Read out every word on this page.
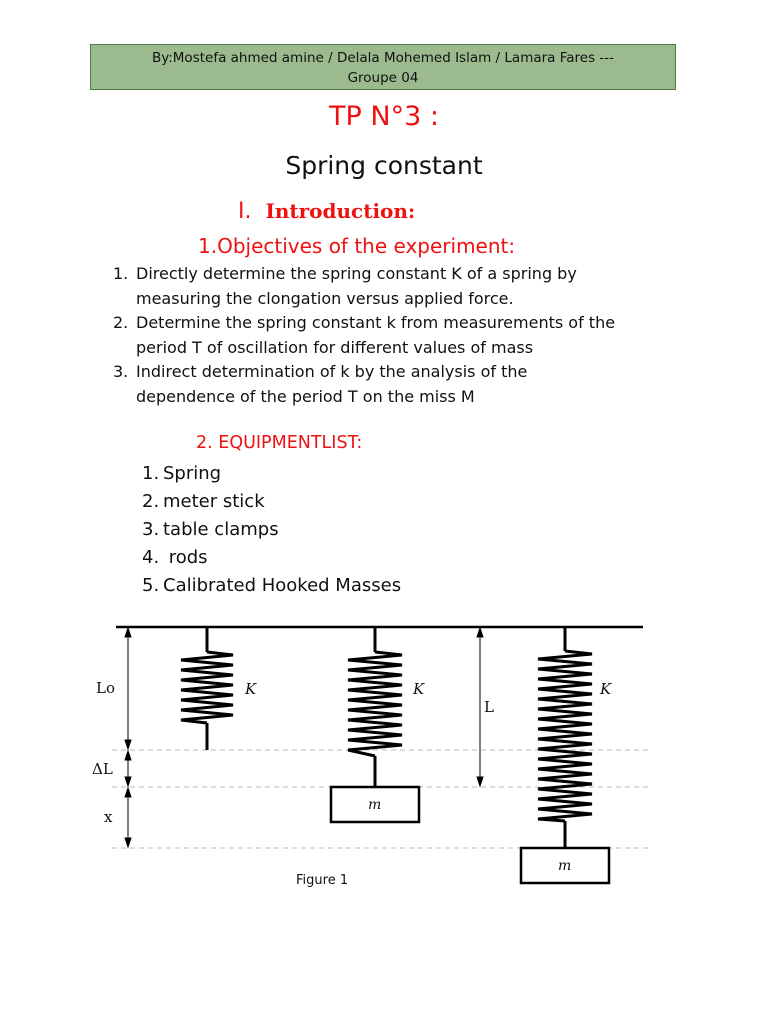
By:Mostefa ahmed amine / Delala Mohemed Islam / Lamara Fares ---
Groupe 04
TP N°3 :
Spring constant
I. Introduction:
1.Objectives of the experiment:
1. Directly determine the spring constant K of a spring by
measuring the clongation versus applied force.
2. Determine the spring constant k from measurements of the
period T of oscillation for different values of mass
3. Indirect determination of k by the analysis of the
dependence of the period T on the miss M
2. EQUIPMENTLIST:
1. Spring
2. meter stick
3. table clamps
4. rods
5. Calibrated Hooked Masses
Lo
ΔL
x
K	K
m
L
K
m
Figure 1
